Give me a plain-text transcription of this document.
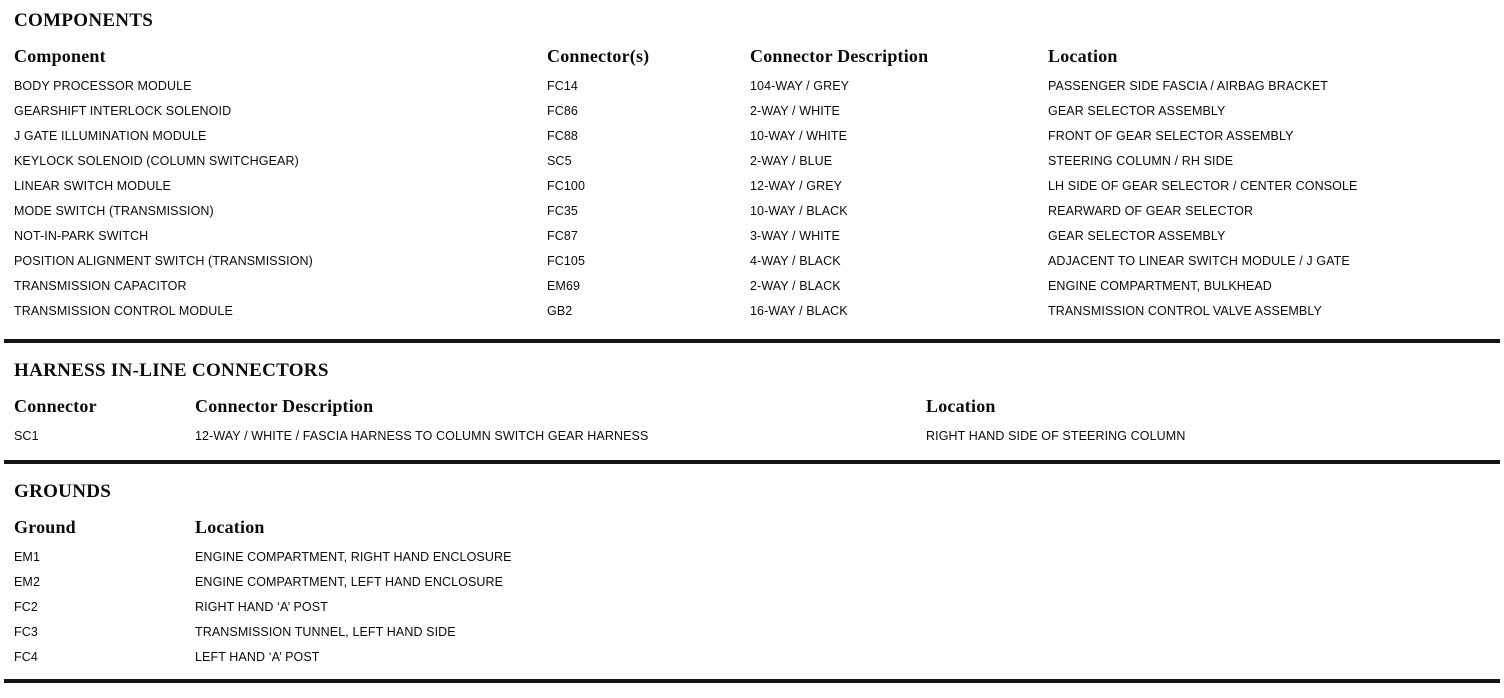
COMPONENTS
Component	Connector(s)	Connector Description	Location
BODY PROCESSOR MODULE	FC14	104-WAY / GREY	PASSENGER SIDE FASCIA / AIRBAG BRACKET
GEARSHIFT INTERLOCK SOLENOID	FC86	2-WAY / WHITE	GEAR SELECTOR ASSEMBLY
J GATE ILLUMINATION MODULE	FC88	10-WAY / WHITE	FRONT OF GEAR SELECTOR ASSEMBLY
KEYLOCK SOLENOID (COLUMN SWITCHGEAR)	SC5	2-WAY / BLUE	STEERING COLUMN / RH SIDE
LINEAR SWITCH MODULE	FC100	12-WAY / GREY	LH SIDE OF GEAR SELECTOR / CENTER CONSOLE
MODE SWITCH (TRANSMISSION)	FC35	10-WAY / BLACK	REARWARD OF GEAR SELECTOR
NOT-IN-PARK SWITCH	FC87	3-WAY / WHITE	GEAR SELECTOR ASSEMBLY
POSITION ALIGNMENT SWITCH (TRANSMISSION)	FC105	4-WAY / BLACK	ADJACENT TO LINEAR SWITCH MODULE / J GATE
TRANSMISSION CAPACITOR	EM69	2-WAY / BLACK	ENGINE COMPARTMENT, BULKHEAD
TRANSMISSION CONTROL MODULE	GB2	16-WAY / BLACK	TRANSMISSION CONTROL VALVE ASSEMBLY
HARNESS IN-LINE CONNECTORS
Connector	Connector Description	Location
SC1	12-WAY / WHITE / FASCIA HARNESS TO COLUMN SWITCH GEAR HARNESS	RIGHT HAND SIDE OF STEERING COLUMN
GROUNDS
Ground	Location
EM1	ENGINE COMPARTMENT, RIGHT HAND ENCLOSURE
EM2	ENGINE COMPARTMENT, LEFT HAND ENCLOSURE
FC2	RIGHT HAND ‘A’ POST
FC3	TRANSMISSION TUNNEL, LEFT HAND SIDE
FC4	LEFT HAND ‘A’ POST
